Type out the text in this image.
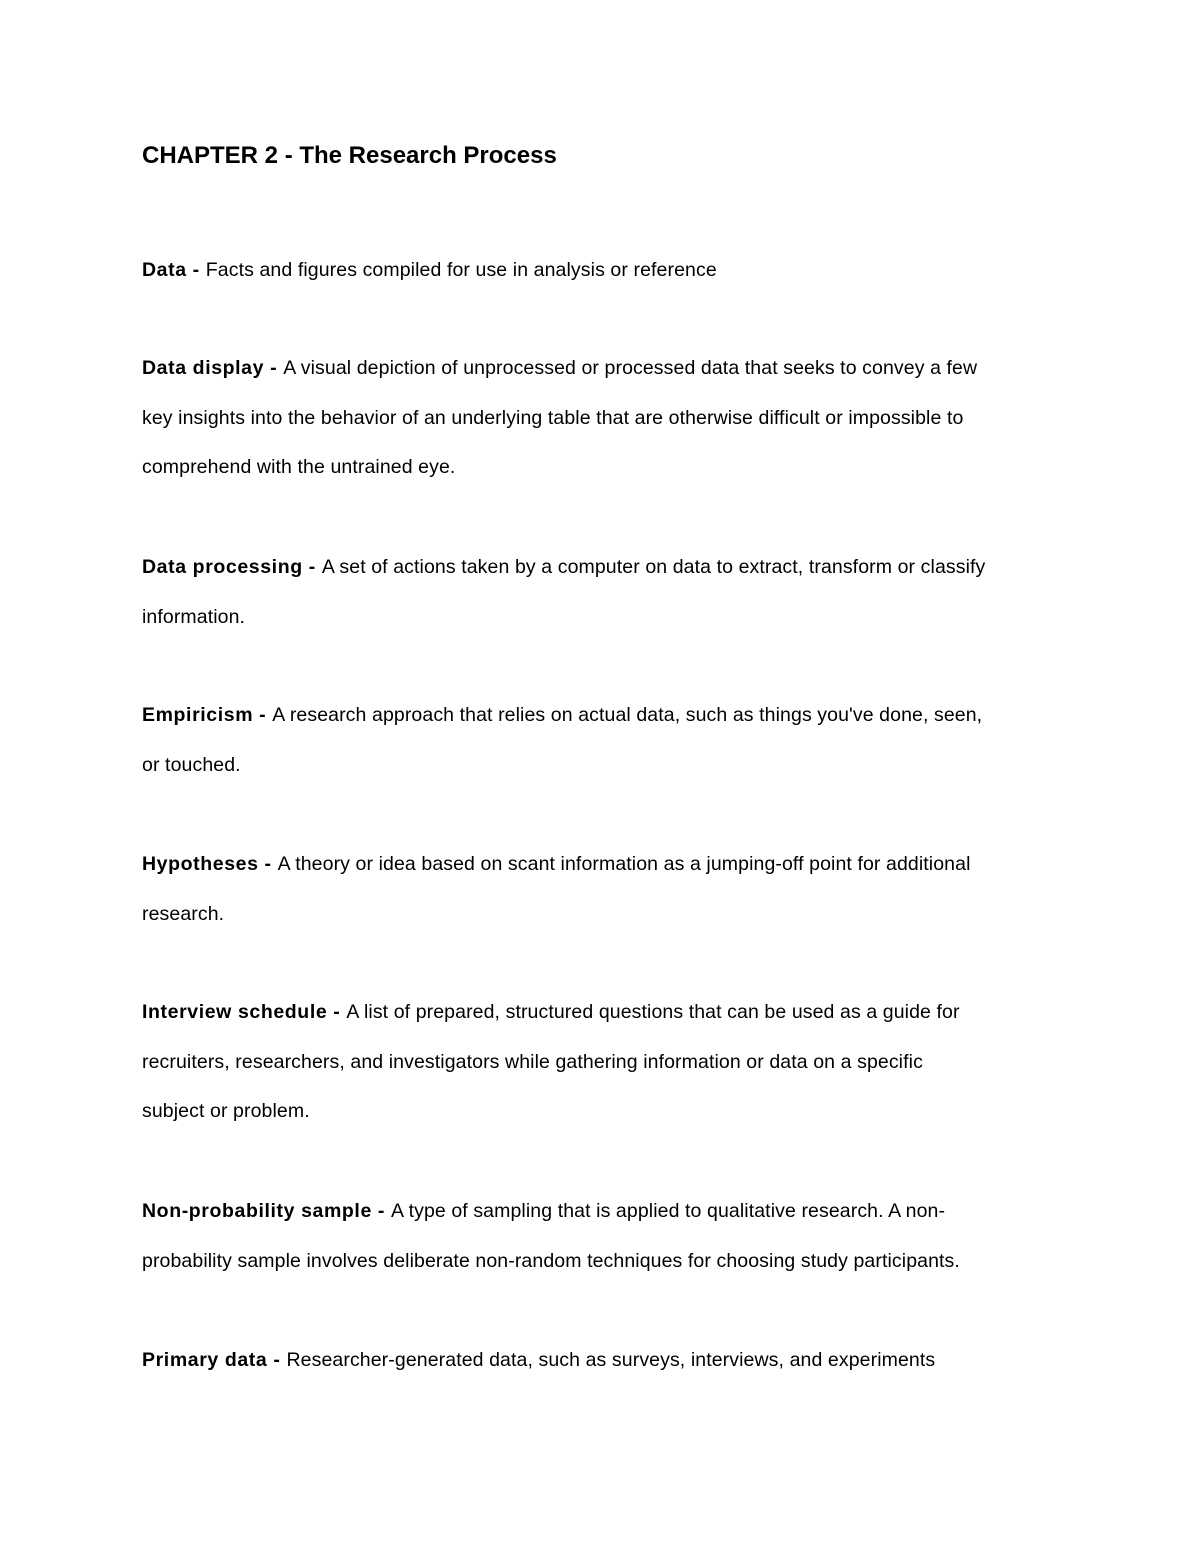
CHAPTER 2 - The Research Process

Data - Facts and figures compiled for use in analysis or reference

Data display - A visual depiction of unprocessed or processed data that seeks to convey a few
key insights into the behavior of an underlying table that are otherwise difficult or impossible to
comprehend with the untrained eye.

Data processing - A set of actions taken by a computer on data to extract, transform or classify
information.

Empiricism - A research approach that relies on actual data, such as things you've done, seen,
or touched.

Hypotheses - A theory or idea based on scant information as a jumping-off point for additional
research.

Interview schedule - A list of prepared, structured questions that can be used as a guide for
recruiters, researchers, and investigators while gathering information or data on a specific
subject or problem.

Non-probability sample - A type of sampling that is applied to qualitative research. A non-
probability sample involves deliberate non-random techniques for choosing study participants.

Primary data - Researcher-generated data, such as surveys, interviews, and experiments
